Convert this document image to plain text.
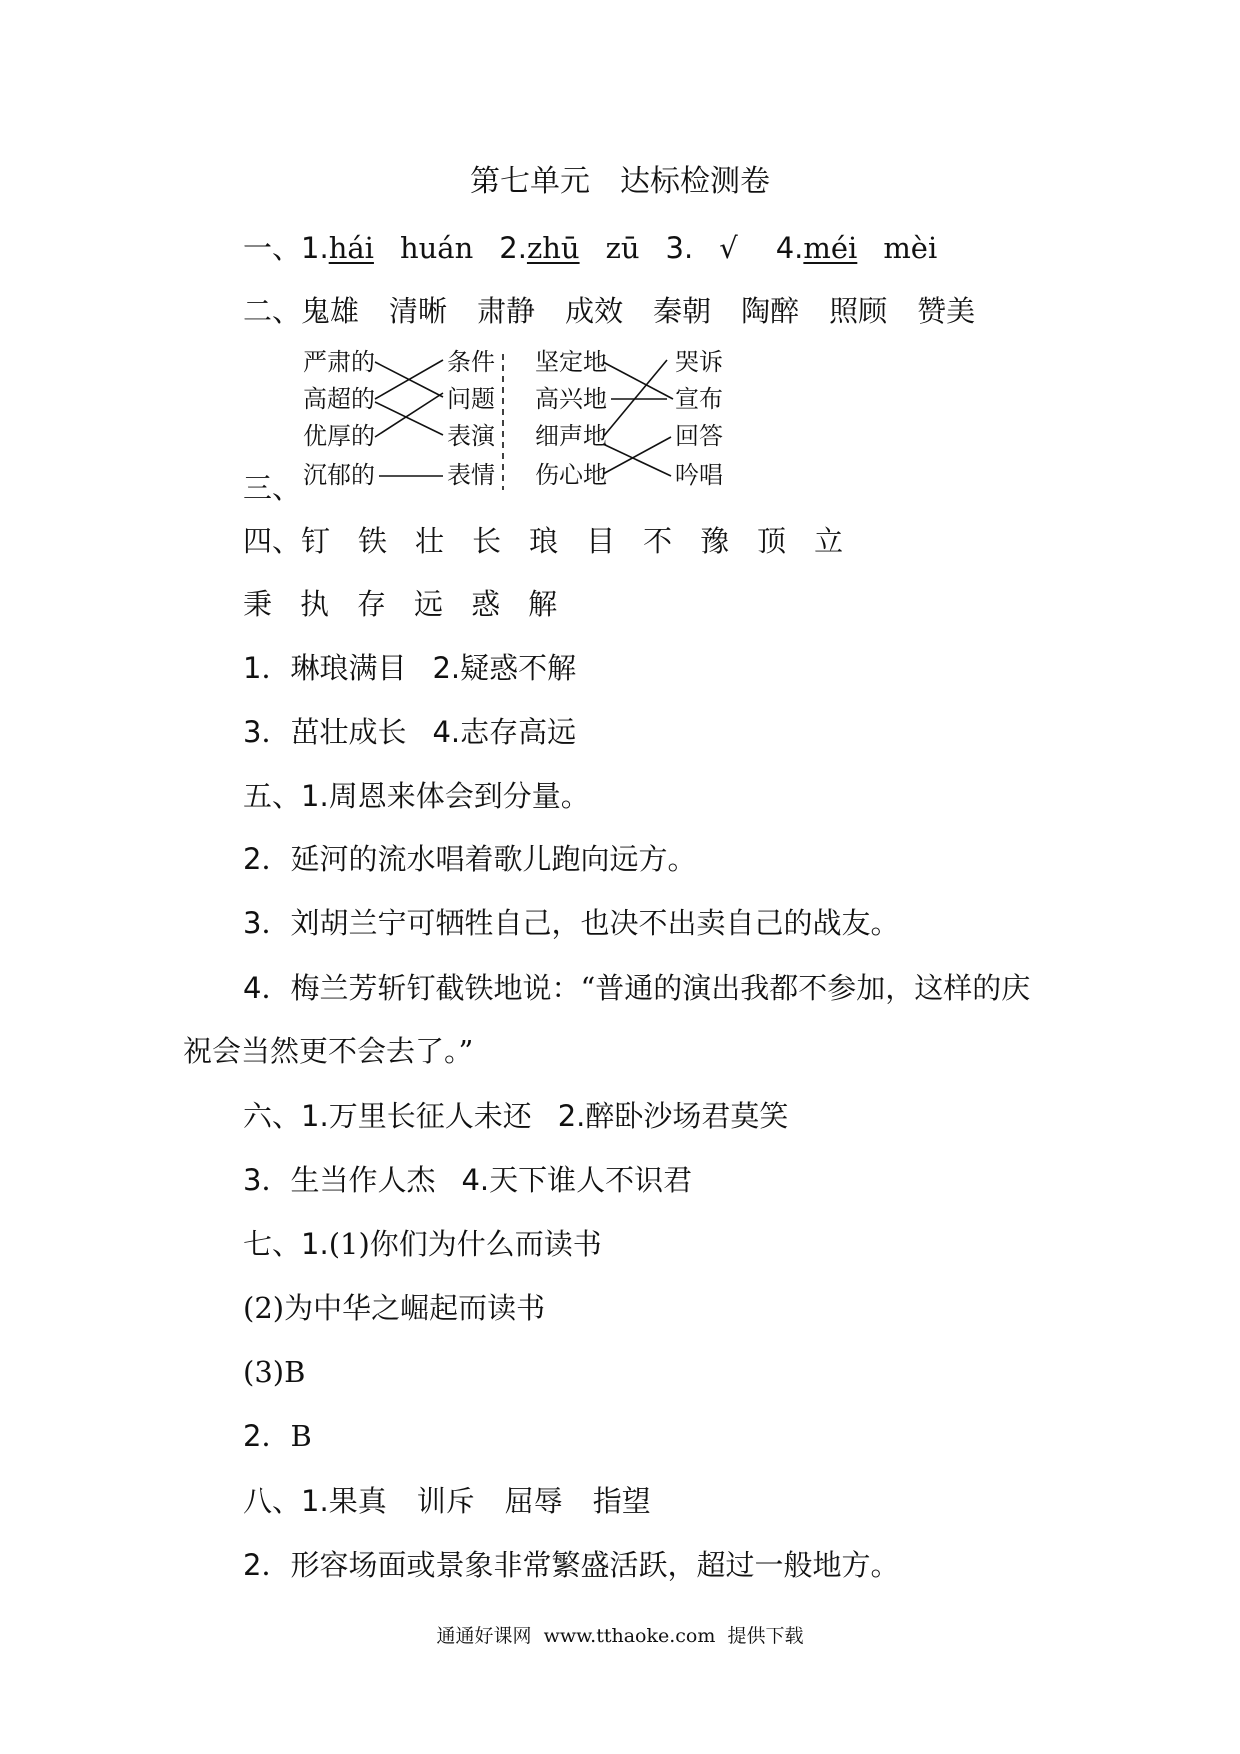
第七单元 达标检测卷
一、1.hái huán 2.zhū zū 3. √ 4.méi mèi
二、鬼雄 清晰 肃静 成效 秦朝 陶醉 照顾 赞美
三、
严肃的
高超的
优厚的
沉郁的
条件
问题
表演
表情
坚定地
高兴地
细声地
伤心地
哭诉
宣布
回答
吟唱
四、钉 铁 壮 长 琅 目 不 豫 顶 立
秉 执 存 远 惑 解
1．琳琅满目 2.疑惑不解
3．茁壮成长 4.志存高远
五、1.周恩来体会到分量。
2．延河的流水唱着歌儿跑向远方。
3．刘胡兰宁可牺牲自己，也决不出卖自己的战友。
4．梅兰芳斩钉截铁地说：“普通的演出我都不参加，这样的庆
祝会当然更不会去了。”
六、1.万里长征人未还 2.醉卧沙场君莫笑
3．生当作人杰 4.天下谁人不识君
七、1.(1)你们为什么而读书
(2)为中华之崛起而读书
(3)B
2．B
八、1.果真 训斥 屈辱 指望
2．形容场面或景象非常繁盛活跃，超过一般地方。
通通好课网 www.tthaoke.com 提供下载
